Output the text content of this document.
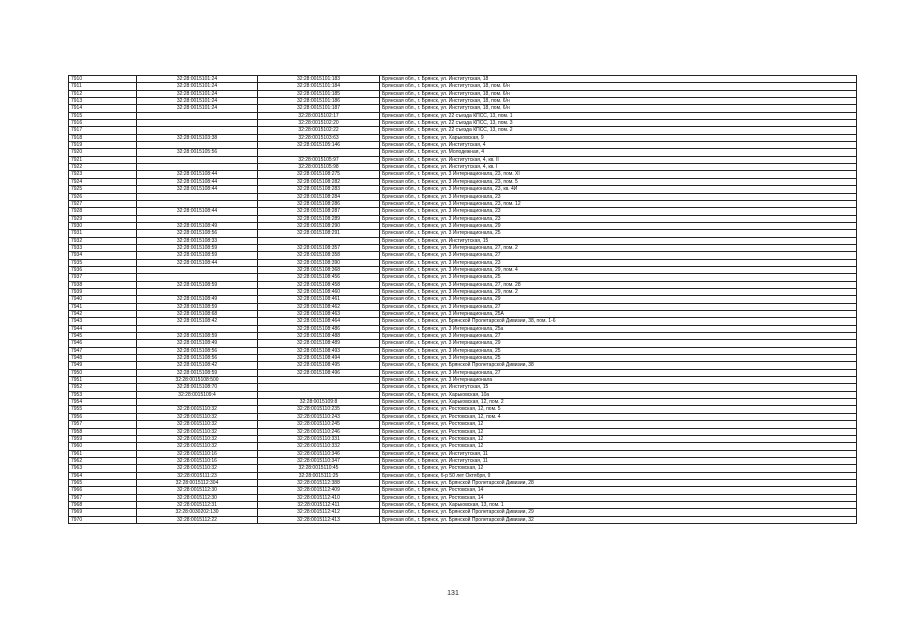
7910	32:28:0015101:24	32:28:0015101:183	Брянская обл., г. Брянск, ул. Институтская, 18
7911	32:28:0015101:24	32:28:0015101:184	Брянская обл., г. Брянск, ул. Институтская, 18, пом. 6/н
7912	32:28:0015101:24	32:28:0015101:185	Брянская обл., г. Брянск, ул. Институтская, 18, пом. 6/н
7913	32:28:0015101:24	32:28:0015101:186	Брянская обл., г. Брянск, ул. Институтская, 18, пом. 6/н
7914	32:28:0015101:24	32:28:0015101:187	Брянская обл., г. Брянск, ул. Институтская, 18, пом. 6/н
7915		32:28:0015102:17	Брянская обл., г. Брянск, ул. 22 съезда КПСС, 13, пом. 1
7916		32:28:0015102:20	Брянская обл., г. Брянск, ул. 22 съезда КПСС, 13, пом. 3
7917		32:28:0015102:22	Брянская обл., г. Брянск, ул. 22 съезда КПСС, 13, пом. 2
7918	32:28:0015103:38	32:28:0015103:63	Брянская обл., г. Брянск, ул. Харьковская, 9
7919		32:28:0015105:146	Брянская обл., г. Брянск, ул. Институтская, 4
7920	32:28:0015105:56		Брянская обл., г. Брянск, ул. Молодежная, 4
7921		32:28:0015105:97	Брянская обл., г. Брянск, ул. Институтская, 4, кв. II
7922		32:28:0015105:98	Брянская обл., г. Брянск, ул. Институтская, 4, кв. I
7923	32:28:0015108:44	32:28:0015108:275	Брянская обл., г. Брянск, ул. 3 Интернационала, 23, пом. XI
7924	32:28:0015108:44	32:28:0015108:282	Брянская обл., г. Брянск, ул. 3 Интернационала, 23, пом. 5
7925	32:28:0015108:44	32:28:0015108:283	Брянская обл., г. Брянск, ул. 3 Интернационала, 23, кв. 4И
7926		32:28:0015108:284	Брянская обл., г. Брянск, ул. 3 Интернационала, 23
7927		32:28:0015108:286	Брянская обл., г. Брянск, ул. 3 Интернационала, 23, пом. 12
7928	32:28:0015108:44	32:28:0015108:287	Брянская обл., г. Брянск, ул. 3 Интернационала, 23
7929		32:28:0015108:289	Брянская обл., г. Брянск, ул. 3 Интернационала, 23
7930	32:28:0015108:49	32:28:0015108:290	Брянская обл., г. Брянск, ул. 3 Интернационала, 29
7931	32:28:0015108:56	32:28:0015108:291	Брянская обл., г. Брянск, ул. 3 Интернационала, 25
7932	32:28:0015108:33		Брянская обл., г. Брянск, ул. Институтская, 15
7933	32:28:0015108:59	32:28:0015108:357	Брянская обл., г. Брянск, ул. 3 Интернационала, 27, пом. 2
7934	32:28:0015108:59	32:28:0015108:358	Брянская обл., г. Брянск, ул. 3 Интернационала, 27
7935	32:28:0015108:44	32:28:0015108:390	Брянская обл., г. Брянск, ул. 3 Интернационала, 23
7936		32:28:0015108:368	Брянская обл., г. Брянск, ул. 3 Интернационала, 29, пом. 4
7937		32:28:0015108:456	Брянская обл., г. Брянск, ул. 3 Интернационала, 25
7938	32:28:0015108:59	32:28:0015108:458	Брянская обл., г. Брянск, ул. 3 Интернационала, 27, пом. 28
7939		32:28:0015108:460	Брянская обл., г. Брянск, ул. 3 Интернационала, 29, пом. 2
7940	32:28:0015108:49	32:28:0015108:461	Брянская обл., г. Брянск, ул. 3 Интернационала, 29
7941	32:28:0015108:59	32:28:0015108:462	Брянская обл., г. Брянск, ул. 3 Интернационала, 27
7942	32:28:0015108:68	32:28:0015108:463	Брянская обл., г. Брянск, ул. 3 Интернационала, 25А
7943	32:28:0015108:42	32:28:0015108:464	Брянская обл., г. Брянск, ул. Брянской Пролетарской Дивизии, 38, пом. 1-6
7944		32:28:0015108:486	Брянская обл., г. Брянск, ул. 3 Интернационала, 25а
7945	32:28:0015108:59	32:28:0015108:488	Брянская обл., г. Брянск, ул. 3 Интернационала, 27
7946	32:28:0015108:49	32:28:0015108:489	Брянская обл., г. Брянск, ул. 3 Интернационала, 29
7947	32:28:0015108:56	32:28:0015108:493	Брянская обл., г. Брянск, ул. 3 Интернационала, 25
7948	32:28:0015108:56	32:28:0015108:494	Брянская обл., г. Брянск, ул. 3 Интернационала, 25
7949	32:28:0015108:42	32:28:0015108:495	Брянская обл., г. Брянск, ул. Брянской Пролетарской Дивизии, 38
7950	32:28:0015108:59	32:28:0015108:496	Брянская обл., г. Брянск, ул. 3 Интернационала, 27
7951	32:28:0015108:500		Брянская обл., г. Брянск, ул. 3 Интернационала
7952	32:28:0015108:70		Брянская обл., г. Брянск, ул. Институтская, 15
7953	32:28:0015109:4		Брянская обл., г. Брянск, ул. Харьковская, 10а
7954		32:28:0015109:8	Брянская обл., г. Брянск, ул. Харьковская, 12, пом. 2
7955	32:28:0015110:32	32:28:0015110:235	Брянская обл., г. Брянск, ул. Ростовская, 12, пом. 5
7956	32:28:0015110:32	32:28:0015110:243	Брянская обл., г. Брянск, ул. Ростовская, 12, пом. 4
7957	32:28:0015110:32	32:28:0015110:245	Брянская обл., г. Брянск, ул. Ростовская, 12
7958	32:28:0015110:32	32:28:0015110:246	Брянская обл., г. Брянск, ул. Ростовская, 12
7959	32:28:0015110:32	32:28:0015110:331	Брянская обл., г. Брянск, ул. Ростовская, 12
7960	32:28:0015110:32	32:28:0015110:332	Брянская обл., г. Брянск, ул. Ростовская, 12
7961	32:28:0015110:16	32:28:0015110:346	Брянская обл., г. Брянск, ул. Институтская, 11
7962	32:28:0015110:16	32:28:0015110:347	Брянская обл., г. Брянск, ул. Институтская, 11
7963	32:28:0015110:32	32:28:0015110:45	Брянская обл., г. Брянск, ул. Ростовская, 12
7964	32:28:0015111:23	32:28:0015111:25	Брянская обл., г. Брянск, б-р 50 лет Октября, 9
7965	32:28:0015112:304	32:28:0015112:388	Брянская обл., г. Брянск, ул. Брянской Пролетарской Дивизии, 28
7966	32:28:0015112:30	32:28:0015112:409	Брянская обл., г. Брянск, ул. Ростовская, 14
7967	32:28:0015112:30	32:28:0015112:410	Брянская обл., г. Брянск, ул. Ростовская, 14
7968	32:28:0015112:31	32:28:0015112:411	Брянская обл., г. Брянск, ул. Харьковская, 13, пом. 1
7969	32:28:0030202:130	32:28:0015112:412	Брянская обл., г. Брянск, ул. Брянской Пролетарской Дивизии, 29
7970	32:28:0015112:22	32:28:0015112:413	Брянская обл., г. Брянск, ул. Брянской Пролетарской Дивизии, 32
131
